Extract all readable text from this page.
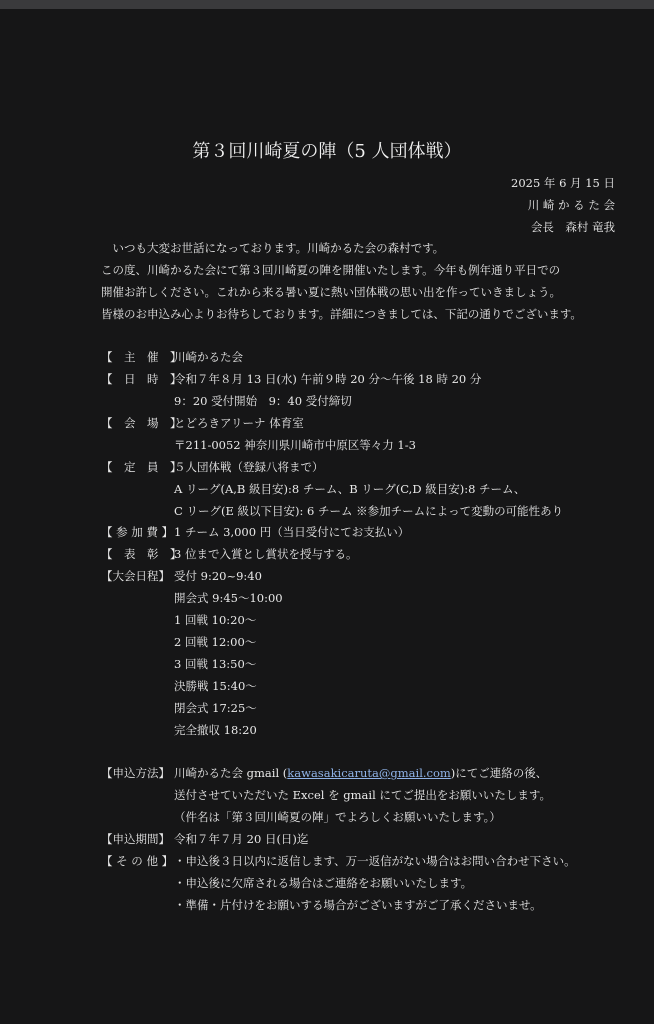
第３回川崎夏の陣（5 人団体戦）
2025 年 6 月 15 日
川 崎 か る た 会
会長　森村 竜我
　いつも大変お世話になっております。川崎かるた会の森村です。
この度、川崎かるた会にて第３回川崎夏の陣を開催いたします。今年も例年通り平日での
開催お許しください。これから来る暑い夏に熱い団体戦の思い出を作っていきましょう。
皆様のお申込み心よりお待ちしております。詳細につきましては、下記の通りでございます。
【　主　催　】
川崎かるた会
【　日　時　】
令和７年８月 13 日(水) 午前９時 20 分～午後 18 時 20 分
9：20 受付開始　9：40 受付締切
【　会　場　】
とどろきアリーナ 体育室
〒211-0052 神奈川県川崎市中原区等々力 1-3
【　定　員　】
５人団体戦（登録八将まで）
A リーグ(A,B 級目安):8 チーム、B リーグ(C,D 級目安):8 チーム、
C リーグ(E 級以下目安): 6 チーム ※参加チームによって変動の可能性あり
【 参 加 費 】 1 チーム 3,000 円（当日受付にてお支払い）
【　表　彰　】
3 位まで入賞とし賞状を授与する。
【大会日程】 受付 9:20~9:40
開会式 9:45～10:00
1 回戦 10:20～
2 回戦 12:00～
3 回戦 13:50～
決勝戦 15:40～
閉会式 17:25～
完全撤収 18:20
【申込方法】 川崎かるた会 gmail (kawasakicaruta@gmail.com)にてご連絡の後、
送付させていただいた Excel を gmail にてご提出をお願いいたします。
（件名は「第３回川崎夏の陣」でよろしくお願いいたします。）
【申込期間】 令和７年７月 20 日(日)迄
【 そ の 他 】 ・申込後３日以内に返信します、万一返信がない場合はお問い合わせ下さい。
・申込後に欠席される場合はご連絡をお願いいたします。
・準備・片付けをお願いする場合がございますがご了承くださいませ。
